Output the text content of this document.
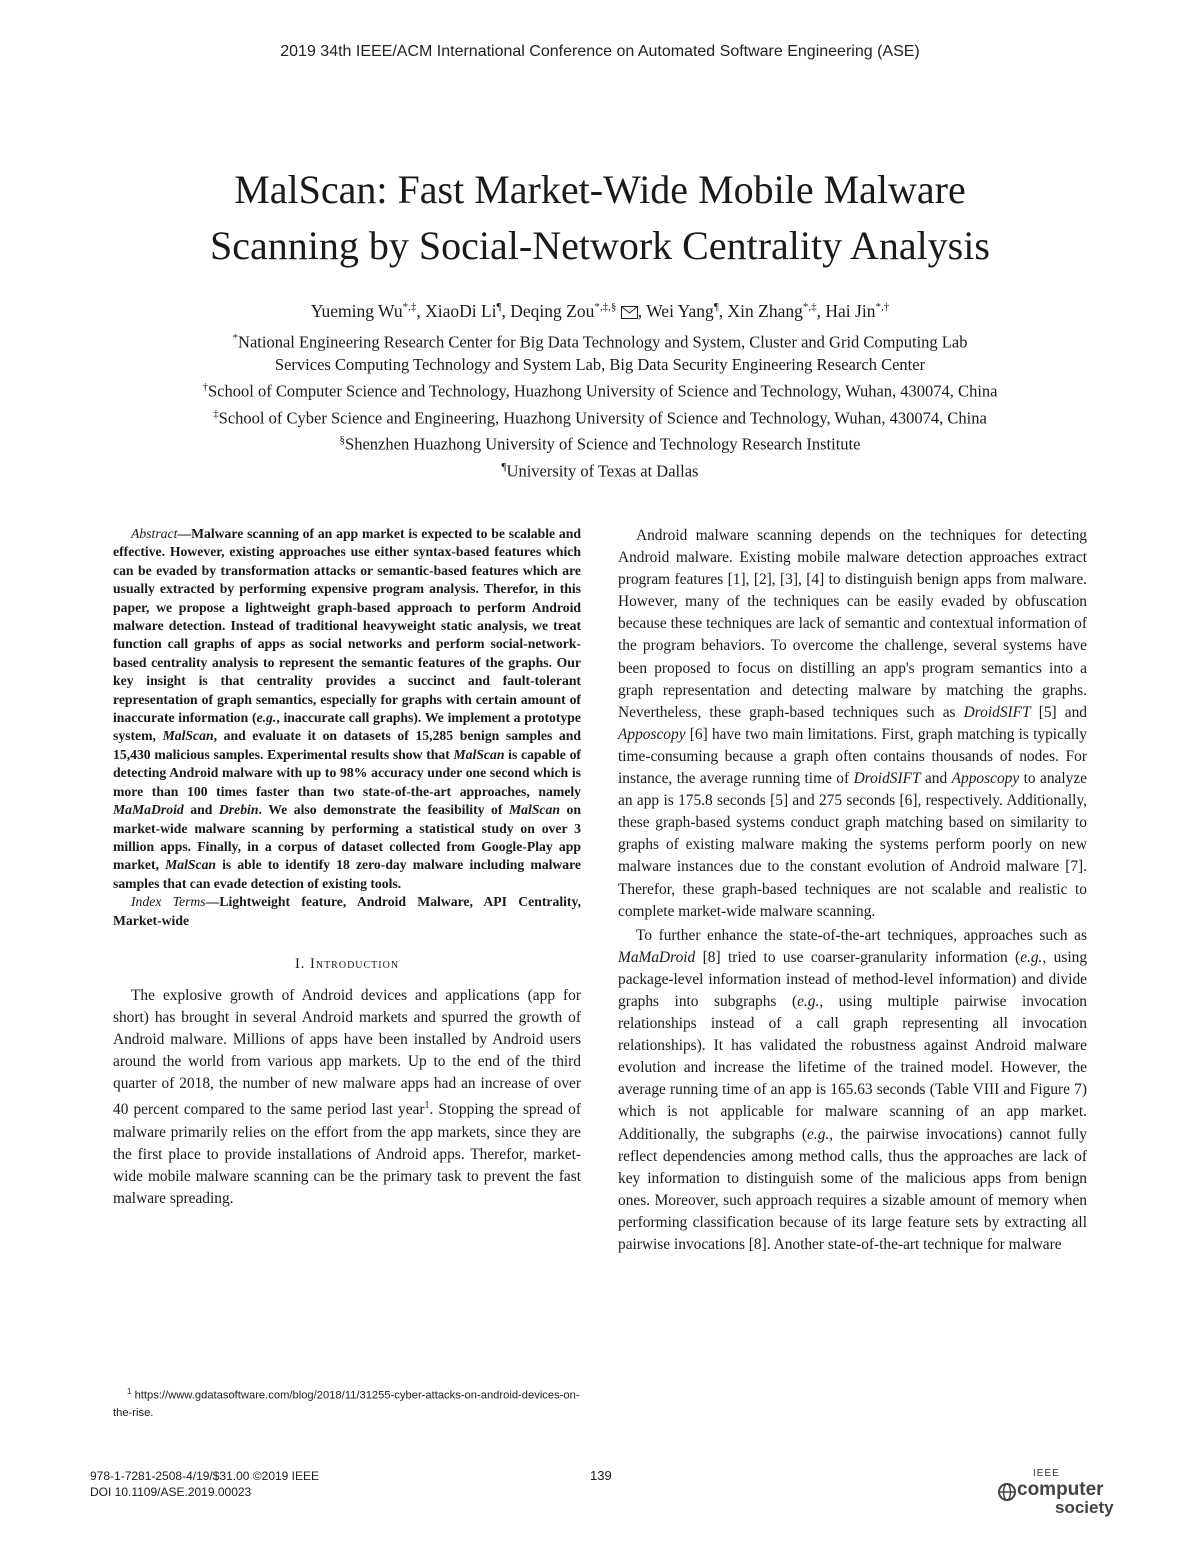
2019 34th IEEE/ACM International Conference on Automated Software Engineering (ASE)
MalScan: Fast Market-Wide Mobile Malware
Scanning by Social-Network Centrality Analysis
Yueming Wu*,‡, XiaoDi Li¶, Deqing Zou*,‡,§ , Wei Yang¶, Xin Zhang*,‡, Hai Jin*,†
*National Engineering Research Center for Big Data Technology and System, Cluster and Grid Computing Lab
Services Computing Technology and System Lab, Big Data Security Engineering Research Center
†School of Computer Science and Technology, Huazhong University of Science and Technology, Wuhan, 430074, China
‡School of Cyber Science and Engineering, Huazhong University of Science and Technology, Wuhan, 430074, China
§Shenzhen Huazhong University of Science and Technology Research Institute
¶University of Texas at Dallas

Abstract—Malware scanning of an app market is expected to be scalable and effective. However, existing approaches use either syntax-based features which can be evaded by transformation attacks or semantic-based features which are usually extracted by performing expensive program analysis. Therefor, in this paper, we propose a lightweight graph-based approach to perform Android malware detection. Instead of traditional heavyweight static analysis, we treat function call graphs of apps as social networks and perform social-network-based centrality analysis to represent the semantic features of the graphs. Our key insight is that centrality provides a succinct and fault-tolerant representation of graph semantics, especially for graphs with certain amount of inaccurate information (e.g., inaccurate call graphs). We implement a prototype system, MalScan, and evaluate it on datasets of 15,285 benign samples and 15,430 malicious samples. Experimental results show that MalScan is capable of detecting Android malware with up to 98% accuracy under one second which is more than 100 times faster than two state-of-the-art approaches, namely MaMaDroid and Drebin. We also demonstrate the feasibility of MalScan on market-wide malware scanning by performing a statistical study on over 3 million apps. Finally, in a corpus of dataset collected from Google-Play app market, MalScan is able to identify 18 zero-day malware including malware samples that can evade detection of existing tools.

Index Terms—Lightweight feature, Android Malware, API Centrality, Market-wide

I. Introduction

The explosive growth of Android devices and applications (app for short) has brought in several Android markets and spurred the growth of Android malware. Millions of apps have been installed by Android users around the world from various app markets. Up to the end of the third quarter of 2018, the number of new malware apps had an increase of over 40 percent compared to the same period last year$^1$. Stopping the spread of malware primarily relies on the effort from the app markets, since they are the first place to provide installations of Android apps. Therefor, market-wide mobile malware scanning can be the primary task to prevent the fast malware spreading.

Android malware scanning depends on the techniques for detecting Android malware. Existing mobile malware detection approaches extract program features [1], [2], [3], [4] to distinguish benign apps from malware. However, many of the techniques can be easily evaded by obfuscation because these techniques are lack of semantic and contextual information of the program behaviors. To overcome the challenge, several systems have been proposed to focus on distilling an app's program semantics into a graph representation and detecting malware by matching the graphs. Nevertheless, these graph-based techniques such as DroidSIFT [5] and Apposcopy [6] have two main limitations. First, graph matching is typically time-consuming because a graph often contains thousands of nodes. For instance, the average running time of DroidSIFT and Apposcopy to analyze an app is 175.8 seconds [5] and 275 seconds [6], respectively. Additionally, these graph-based systems conduct graph matching based on similarity to graphs of existing malware making the systems perform poorly on new malware instances due to the constant evolution of Android malware [7]. Therefor, these graph-based techniques are not scalable and realistic to complete market-wide malware scanning.

To further enhance the state-of-the-art techniques, approaches such as MaMaDroid [8] tried to use coarser-granularity information (e.g., using package-level information instead of method-level information) and divide graphs into subgraphs (e.g., using multiple pairwise invocation relationships instead of a call graph representing all invocation relationships). It has validated the robustness against Android malware evolution and increase the lifetime of the trained model. However, the average running time of an app is 165.63 seconds (Table VIII and Figure 7) which is not applicable for malware scanning of an app market. Additionally, the subgraphs (e.g., the pairwise invocations) cannot fully reflect dependencies among method calls, thus the approaches are lack of key information to distinguish some of the malicious apps from benign ones. Moreover, such approach requires a sizable amount of memory when performing classification because of its large feature sets by extracting all pairwise invocations [8]. Another state-of-the-art technique for malware

$^1$ https://www.gdatasoftware.com/blog/2018/11/31255-cyber-attacks-on-android-devices-on-the-rise.
978-1-7281-2508-4/19/$31.00 ©2019 IEEE
DOI 10.1109/ASE.2019.00023
139	IEEE
computer
society
